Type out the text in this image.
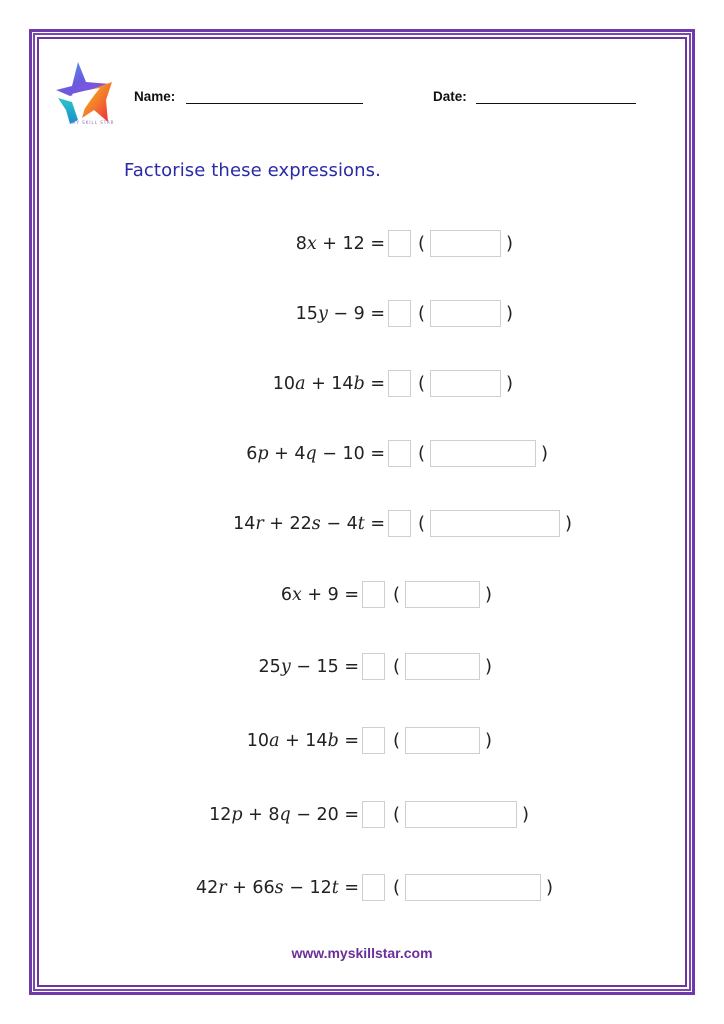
MY SKILL STAR
Name:	Date:
Factorise these expressions.
8x + 12 = (	)
15y − 9 = (	)
10a + 14b = (	)
6p + 4q − 10 = (	)
14r + 22s − 4t = (	)
6x + 9 = (	)
25y − 15 = (	)
10a + 14b = (	)
12p + 8q − 20 = (	)
42r + 66s − 12t = (	)
www.myskillstar.com
